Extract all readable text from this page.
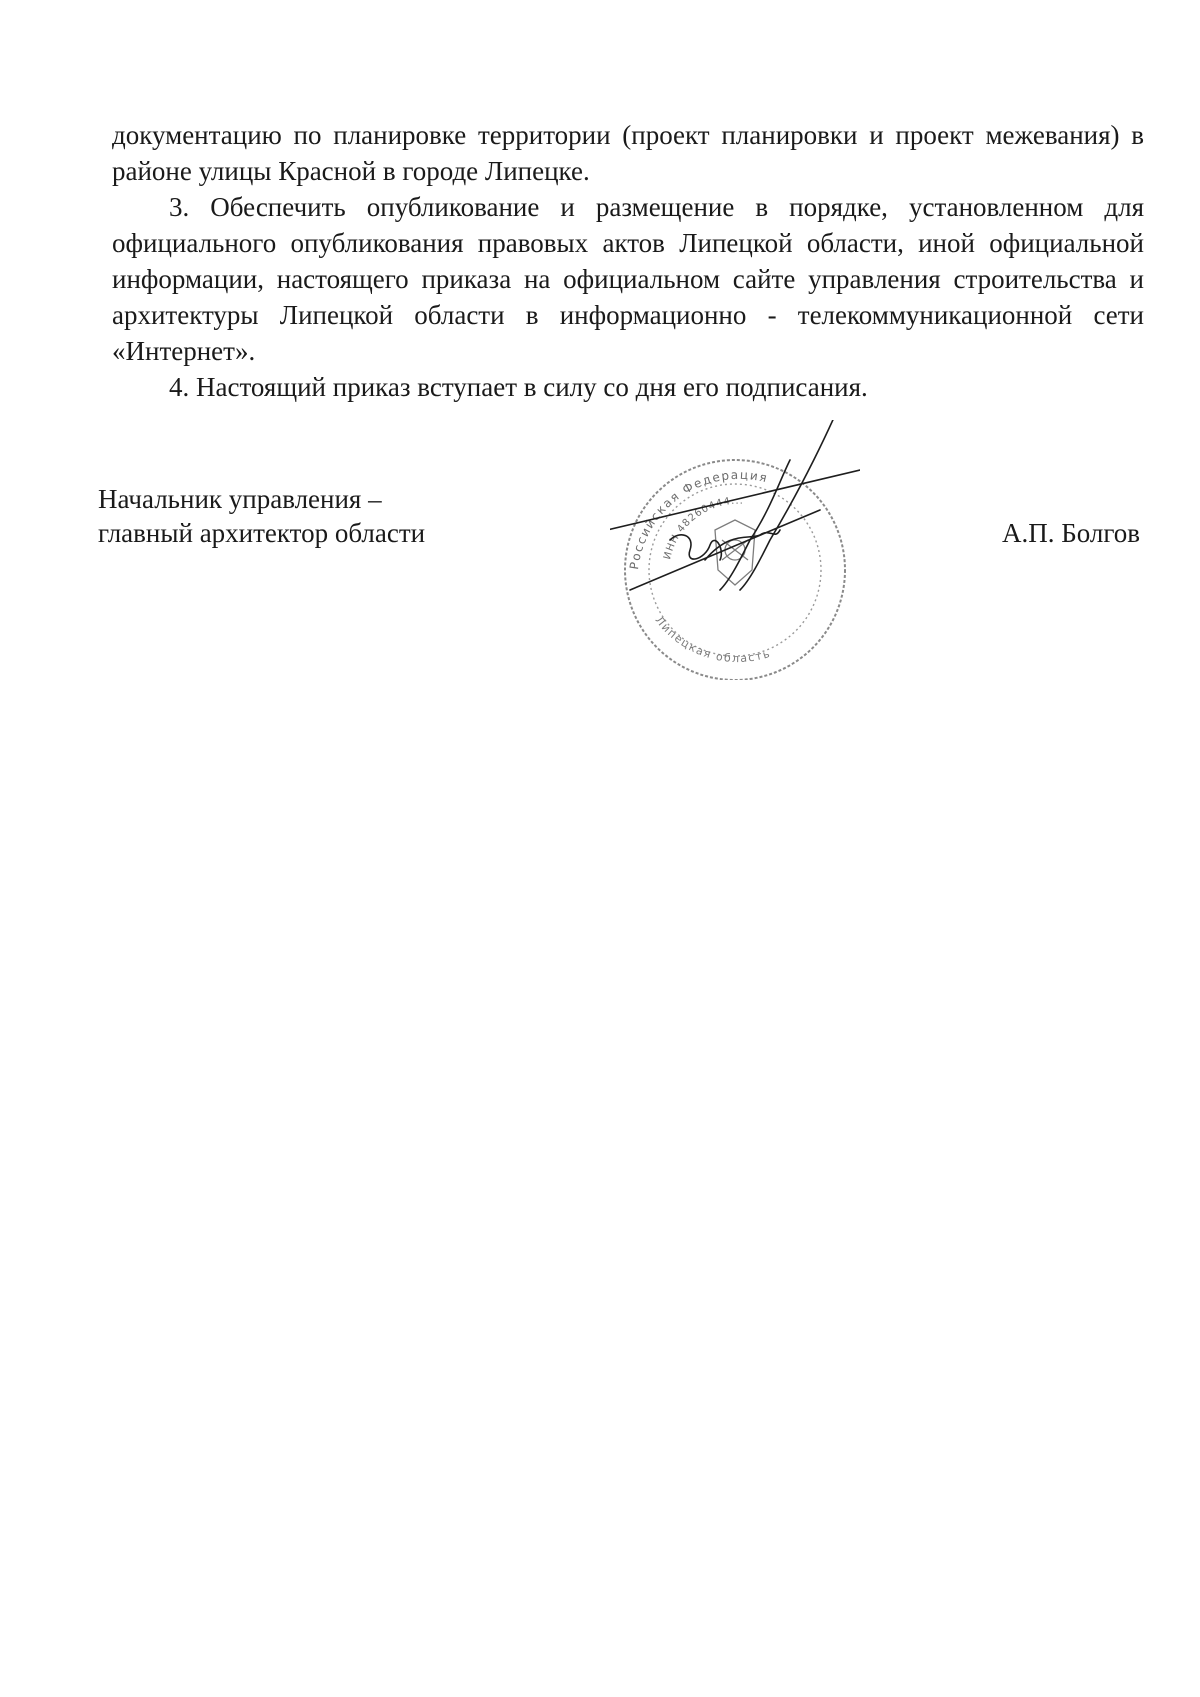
документацию по планировке территории (проект планировки и проект межевания) в районе улицы Красной в городе Липецке.

3. Обеспечить опубликование и размещение в порядке, установленном для официального опубликования правовых актов Липецкой области, иной официальной информации, настоящего приказа на официальном сайте управления строительства и архитектуры Липецкой области в информационно - телекоммуникационной сети «Интернет».

4. Настоящий приказ вступает в силу со дня его подписания.

Начальник управления –
главный архитектор области	А.П. Болгов
Российская Федерация
ИНН 48260444...
Липецкая область
